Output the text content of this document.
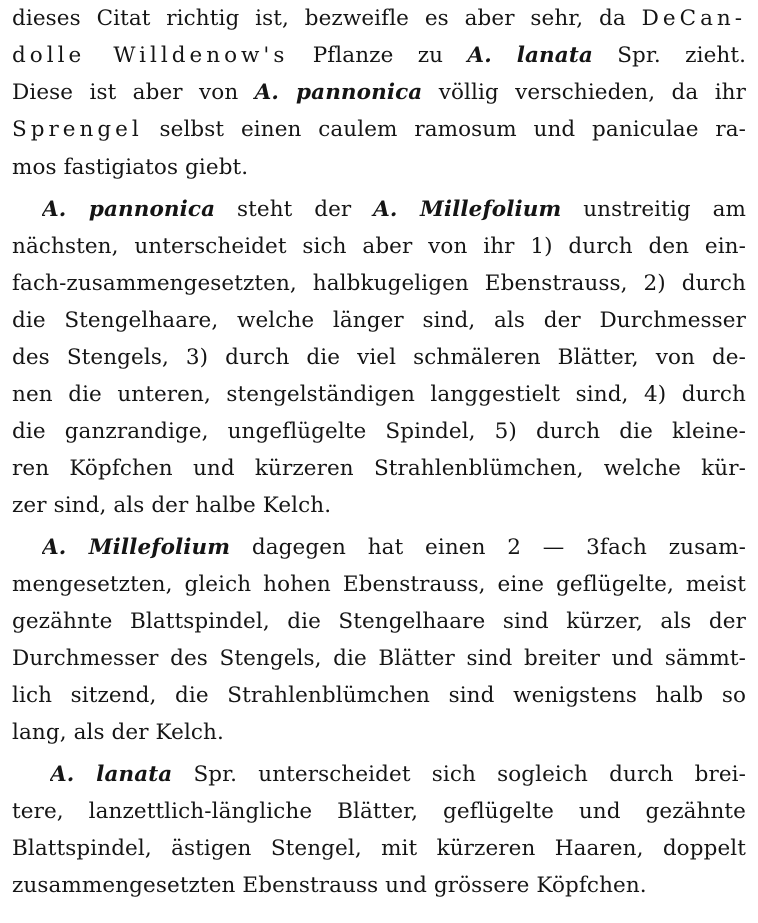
dieses Citat richtig ist, bezweifle es aber sehr, da DeCan-
dolle Willdenow's Pflanze zu A. lanata Spr. zieht.
Diese ist aber von A. pannonica völlig verschieden, da ihr
Sprengel selbst einen caulem ramosum und paniculae ra-
mos fastigiatos giebt.
A. pannonica steht der A. Millefolium unstreitig am
nächsten, unterscheidet sich aber von ihr 1) durch den ein-
fach-zusammengesetzten, halbkugeligen Ebenstrauss, 2) durch
die Stengelhaare, welche länger sind, als der Durchmesser
des Stengels, 3) durch die viel schmäleren Blätter, von de-
nen die unteren, stengelständigen langgestielt sind, 4) durch
die ganzrandige, ungeflügelte Spindel, 5) durch die kleine-
ren Köpfchen und kürzeren Strahlenblümchen, welche kür-
zer sind, als der halbe Kelch.
A. Millefolium dagegen hat einen 2 — 3fach zusam-
mengesetzten, gleich hohen Ebenstrauss, eine geflügelte, meist
gezähnte Blattspindel, die Stengelhaare sind kürzer, als der
Durchmesser des Stengels, die Blätter sind breiter und sämmt-
lich sitzend, die Strahlenblümchen sind wenigstens halb so
lang, als der Kelch.
A. lanata Spr. unterscheidet sich sogleich durch brei-
tere, lanzettlich-längliche Blätter, geflügelte und gezähnte
Blattspindel, ästigen Stengel, mit kürzeren Haaren, doppelt
zusammengesetzten Ebenstrauss und grössere Köpfchen.
